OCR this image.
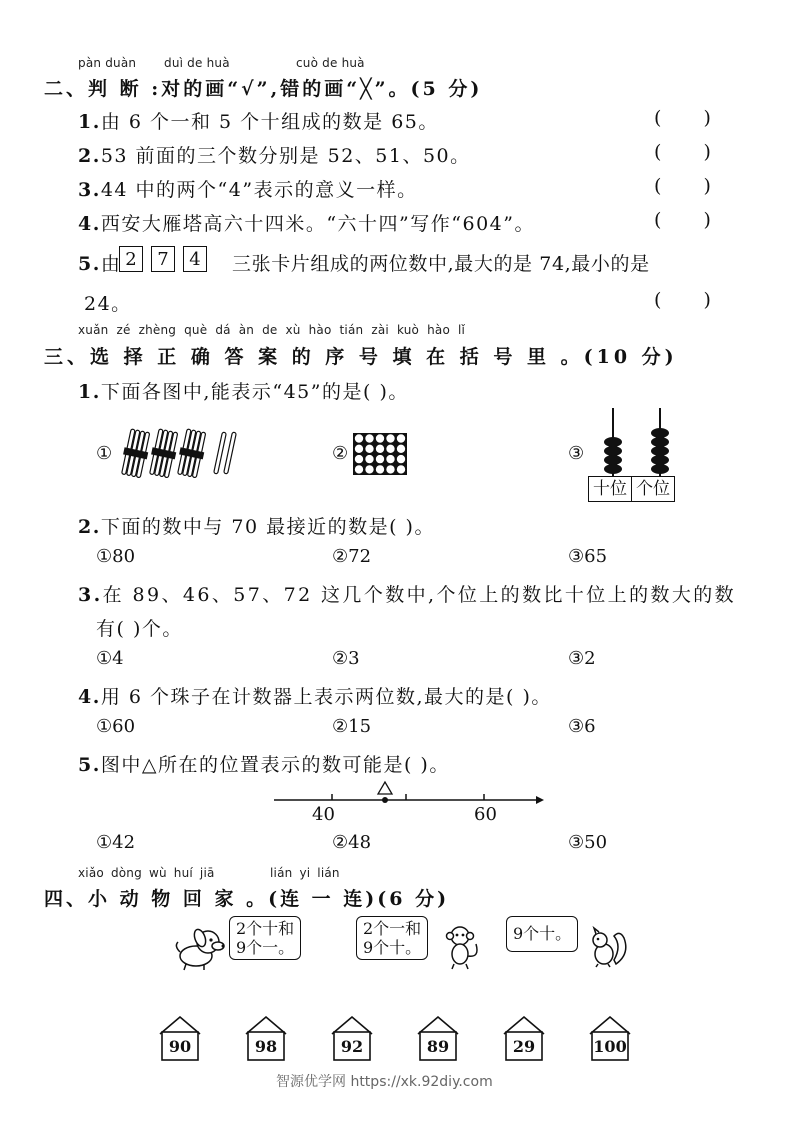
pàn duàn duì de huà	cuò de huà
二、判 断 :对的画“√”,错的画“╳”。(5 分)
1.由 6 个一和 5 个十组成的数是 65。	( )
2.53 前面的三个数分别是 52、51、50。	( )
3.44 中的两个“4”表示的意义一样。	( )
4.西安大雁塔高六十四米。“六十四”写作“604”。	( )
5.由 2	7	4	三张卡片组成的两位数中,最大的是 74,最小的是
24。	( )
xuǎn zé zhèng què dá àn de xù hào tián zài kuò hào lǐ
三、选 择 正 确 答 案 的 序 号 填 在 括 号 里 。(10 分)
1.下面各图中,能表示“45”的是( )。
①	②	③
十位 个位
2.下面的数中与 70 最接近的数是( )。
①80	②72	③65
3.在 89、46、57、72 这几个数中,个位上的数比十位上的数大的数
有( )个。
①4	②3	③2
4.用 6 个珠子在计数器上表示两位数,最大的是( )。
①60	②15	③6
5.图中△所在的位置表示的数可能是( )。
40	60
①42	②48	③50
xiǎo dòng wù huí jiā	lián yi lián
四、小 动 物 回 家 。(连 一 连)(6 分)
2个十和
9个一。
2个一和
9个十。
9个十。
90	98	92	89	29	100
智源优学网 https://xk.92diy.com
